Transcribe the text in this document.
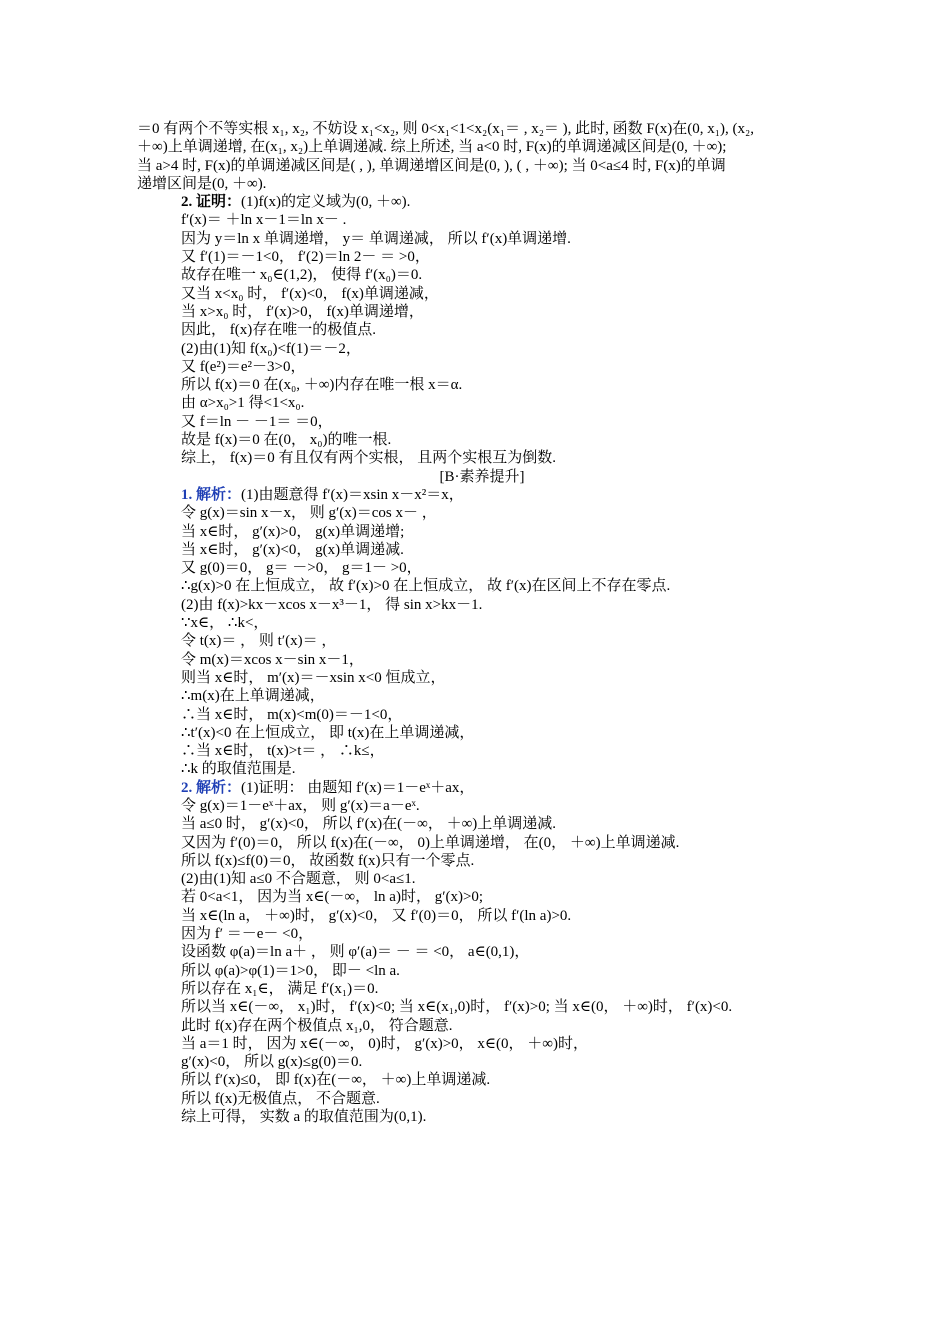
＝0 有两个不等实根 x₁, x₂, 不妨设 x₁<x₂, 则 0<x₁<1<x₂(x₁＝ , x₂＝ ), 此时, 函数 F(x)在(0, x₁), (x₂,
＋∞)上单调递增, 在(x₁, x₂)上单调递减. 综上所述, 当 a<0 时, F(x)的单调递减区间是(0, ＋∞);
当 a>4 时, F(x)的单调递减区间是( , ), 单调递增区间是(0, ), ( , ＋∞); 当 0<a≤4 时, F(x)的单调
递增区间是(0, ＋∞).
2. 证明：(1)f(x)的定义域为(0, ＋∞).
f′(x)＝ ＋ln x－1＝ln x－ .
因为 y＝ln x 单调递增， y＝ 单调递减， 所以 f′(x)单调递增.
又 f′(1)＝－1<0， f′(2)＝ln 2－ ＝ >0，
故存在唯一 x₀∈(1,2)， 使得 f′(x₀)＝0.
又当 x<x₀ 时， f′(x)<0， f(x)单调递减，
当 x>x₀ 时， f′(x)>0， f(x)单调递增，
因此， f(x)存在唯一的极值点.
(2)由(1)知 f(x₀)<f(1)＝－2，
又 f(e²)＝e²－3>0，
所以 f(x)＝0 在(x₀, ＋∞)内存在唯一根 x＝α.
由 α>x₀>1 得<1<x₀.
又 f＝ln － －1＝ ＝0，
故是 f(x)＝0 在(0， x₀)的唯一根.
综上， f(x)＝0 有且仅有两个实根， 且两个实根互为倒数.
[B·素养提升]
1. 解析：(1)由题意得 f′(x)＝xsin x－x²＝x，
令 g(x)＝sin x－x， 则 g′(x)＝cos x－ ，
当 x∈时， g′(x)>0， g(x)单调递增;
当 x∈时， g′(x)<0， g(x)单调递减.
又 g(0)＝0， g＝ －>0， g＝1－ >0，
∴g(x)>0 在上恒成立， 故 f′(x)>0 在上恒成立， 故 f′(x)在区间上不存在零点.
(2)由 f(x)>kx－xcos x－x³－1， 得 sin x>kx－1.
∵x∈， ∴k<，
令 t(x)＝ ， 则 t′(x)＝ ，
令 m(x)＝xcos x－sin x－1，
则当 x∈时， m′(x)＝－xsin x<0 恒成立，
∴m(x)在上单调递减，
∴当 x∈时， m(x)<m(0)＝－1<0，
∴t′(x)<0 在上恒成立， 即 t(x)在上单调递减，
∴当 x∈时， t(x)>t＝ ， ∴k≤，
∴k 的取值范围是.
2. 解析：(1)证明： 由题知 f′(x)＝1－eˣ＋ax，
令 g(x)＝1－eˣ＋ax， 则 g′(x)＝a－eˣ.
当 a≤0 时， g′(x)<0， 所以 f′(x)在(－∞， ＋∞)上单调递减.
又因为 f′(0)＝0， 所以 f(x)在(－∞， 0)上单调递增， 在(0， ＋∞)上单调递减.
所以 f(x)≤f(0)＝0， 故函数 f(x)只有一个零点.
(2)由(1)知 a≤0 不合题意， 则 0<a≤1.
若 0<a<1， 因为当 x∈(－∞， ln a)时， g′(x)>0;
当 x∈(ln a， ＋∞)时， g′(x)<0， 又 f′(0)＝0， 所以 f′(ln a)>0.
因为 f′ ＝－e－ <0，
设函数 φ(a)＝ln a＋ ， 则 φ′(a)＝ － ＝ <0， a∈(0,1)，
所以 φ(a)>φ(1)＝1>0， 即－ <ln a.
所以存在 x₁∈， 满足 f′(x₁)＝0.
所以当 x∈(－∞， x₁)时， f′(x)<0; 当 x∈(x₁,0)时， f′(x)>0; 当 x∈(0， ＋∞)时， f′(x)<0.
此时 f(x)存在两个极值点 x₁,0， 符合题意.
当 a＝1 时， 因为 x∈(－∞， 0)时， g′(x)>0， x∈(0， ＋∞)时，
g′(x)<0， 所以 g(x)≤g(0)＝0.
所以 f′(x)≤0， 即 f(x)在(－∞， ＋∞)上单调递减.
所以 f(x)无极值点， 不合题意.
综上可得， 实数 a 的取值范围为(0,1).
